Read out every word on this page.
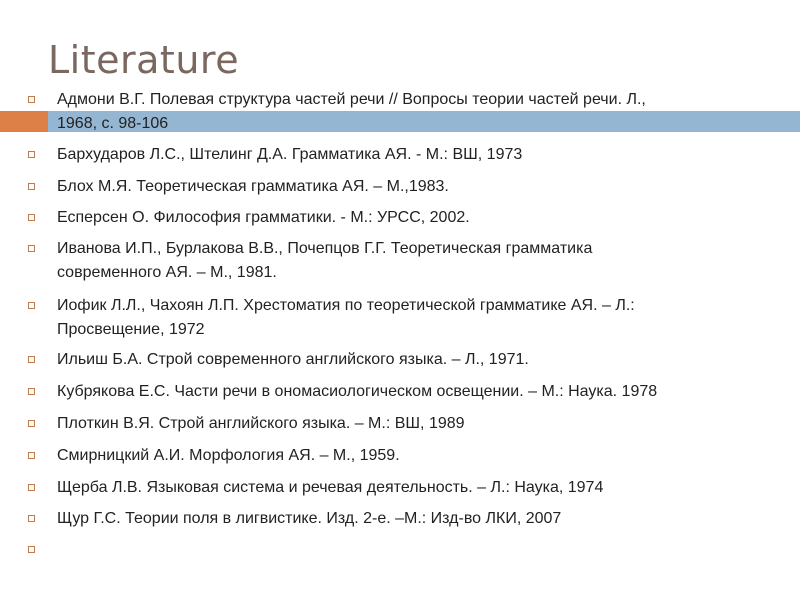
Literature
Адмони В.Г. Полевая структура частей речи // Вопросы теории частей речи. Л.,
1968, с. 98-106
Бархударов Л.С., Штелинг Д.А. Грамматика АЯ. - М.: ВШ, 1973
Блох М.Я. Теоретическая грамматика АЯ. – М.,1983.
Есперсен О. Философия грамматики. - М.: УРСС, 2002.
Иванова И.П., Бурлакова В.В., Почепцов Г.Г. Теоретическая грамматика
современного АЯ. – М., 1981.
Иофик Л.Л., Чахоян Л.П. Хрестоматия по теоретической грамматике АЯ. – Л.:
Просвещение, 1972
Ильиш Б.А. Строй современного английского языка. – Л., 1971.
Кубрякова Е.С. Части речи в ономасиологическом освещении. – М.: Наука. 1978
Плоткин В.Я. Строй английского языка. – М.: ВШ, 1989
Смирницкий А.И. Морфология АЯ. – М., 1959.
Щерба Л.В. Языковая система и речевая деятельность. – Л.: Наука, 1974
Щур Г.С. Теории поля в лигвистике. Изд. 2-е. –М.: Изд-во ЛКИ, 2007
